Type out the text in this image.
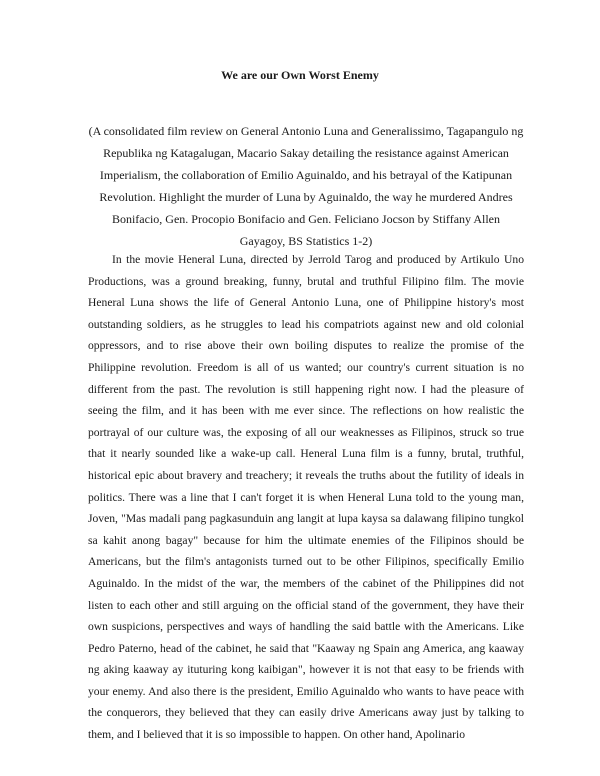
We are our Own Worst Enemy

(A consolidated film review on General Antonio Luna and Generalissimo, Tagapangulo ng Republika ng Katagalugan, Macario Sakay detailing the resistance against American Imperialism, the collaboration of Emilio Aguinaldo, and his betrayal of the Katipunan Revolution. Highlight the murder of Luna by Aguinaldo, the way he murdered Andres Bonifacio, Gen. Procopio Bonifacio and Gen. Feliciano Jocson by Stiffany Allen Gayagoy, BS Statistics 1-2)

In the movie Heneral Luna, directed by Jerrold Tarog and produced by Artikulo Uno Productions, was a ground breaking, funny, brutal and truthful Filipino film. The movie Heneral Luna shows the life of General Antonio Luna, one of Philippine history's most outstanding soldiers, as he struggles to lead his compatriots against new and old colonial oppressors, and to rise above their own boiling disputes to realize the promise of the Philippine revolution. Freedom is all of us wanted; our country's current situation is no different from the past. The revolution is still happening right now. I had the pleasure of seeing the film, and it has been with me ever since. The reflections on how realistic the portrayal of our culture was, the exposing of all our weaknesses as Filipinos, struck so true that it nearly sounded like a wake-up call. Heneral Luna film is a funny, brutal, truthful, historical epic about bravery and treachery; it reveals the truths about the futility of ideals in politics. There was a line that I can't forget it is when Heneral Luna told to the young man, Joven, "Mas madali pang pagkasunduin ang langit at lupa kaysa sa dalawang filipino tungkol sa kahit anong bagay" because for him the ultimate enemies of the Filipinos should be Americans, but the film's antagonists turned out to be other Filipinos, specifically Emilio Aguinaldo. In the midst of the war, the members of the cabinet of the Philippines did not listen to each other and still arguing on the official stand of the government, they have their own suspicions, perspectives and ways of handling the said battle with the Americans. Like Pedro Paterno, head of the cabinet, he said that "Kaaway ng Spain ang America, ang kaaway ng aking kaaway ay ituturing kong kaibigan", however it is not that easy to be friends with your enemy. And also there is the president, Emilio Aguinaldo who wants to have peace with the conquerors, they believed that they can easily drive Americans away just by talking to them, and I believed that it is so impossible to happen. On other hand, Apolinario
